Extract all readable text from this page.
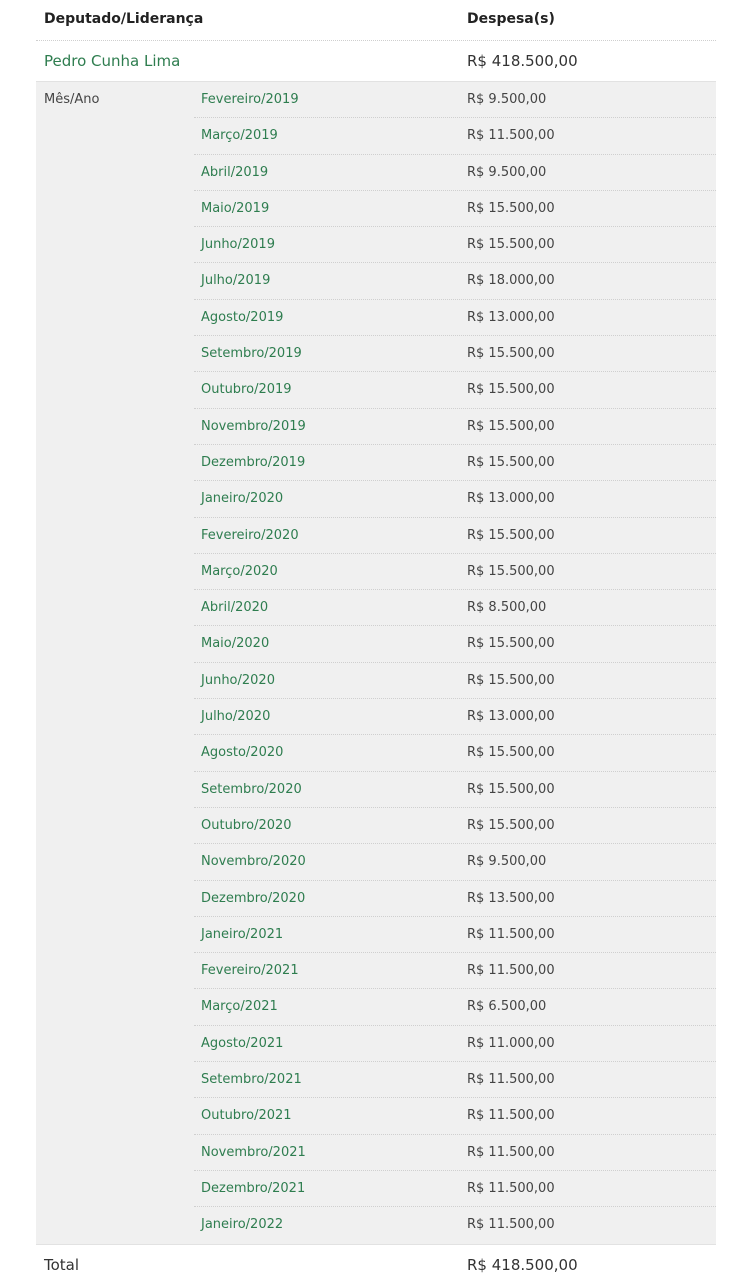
Deputado/Liderança	Despesa(s)
Pedro Cunha Lima	R$ 418.500,00
Mês/Ano	Fevereiro/2019	R$ 9.500,00
Março/2019	R$ 11.500,00
Abril/2019	R$ 9.500,00
Maio/2019	R$ 15.500,00
Junho/2019	R$ 15.500,00
Julho/2019	R$ 18.000,00
Agosto/2019	R$ 13.000,00
Setembro/2019	R$ 15.500,00
Outubro/2019	R$ 15.500,00
Novembro/2019	R$ 15.500,00
Dezembro/2019	R$ 15.500,00
Janeiro/2020	R$ 13.000,00
Fevereiro/2020	R$ 15.500,00
Março/2020	R$ 15.500,00
Abril/2020	R$ 8.500,00
Maio/2020	R$ 15.500,00
Junho/2020	R$ 15.500,00
Julho/2020	R$ 13.000,00
Agosto/2020	R$ 15.500,00
Setembro/2020	R$ 15.500,00
Outubro/2020	R$ 15.500,00
Novembro/2020	R$ 9.500,00
Dezembro/2020	R$ 13.500,00
Janeiro/2021	R$ 11.500,00
Fevereiro/2021	R$ 11.500,00
Março/2021	R$ 6.500,00
Agosto/2021	R$ 11.000,00
Setembro/2021	R$ 11.500,00
Outubro/2021	R$ 11.500,00
Novembro/2021	R$ 11.500,00
Dezembro/2021	R$ 11.500,00
Janeiro/2022	R$ 11.500,00
Total	R$ 418.500,00
